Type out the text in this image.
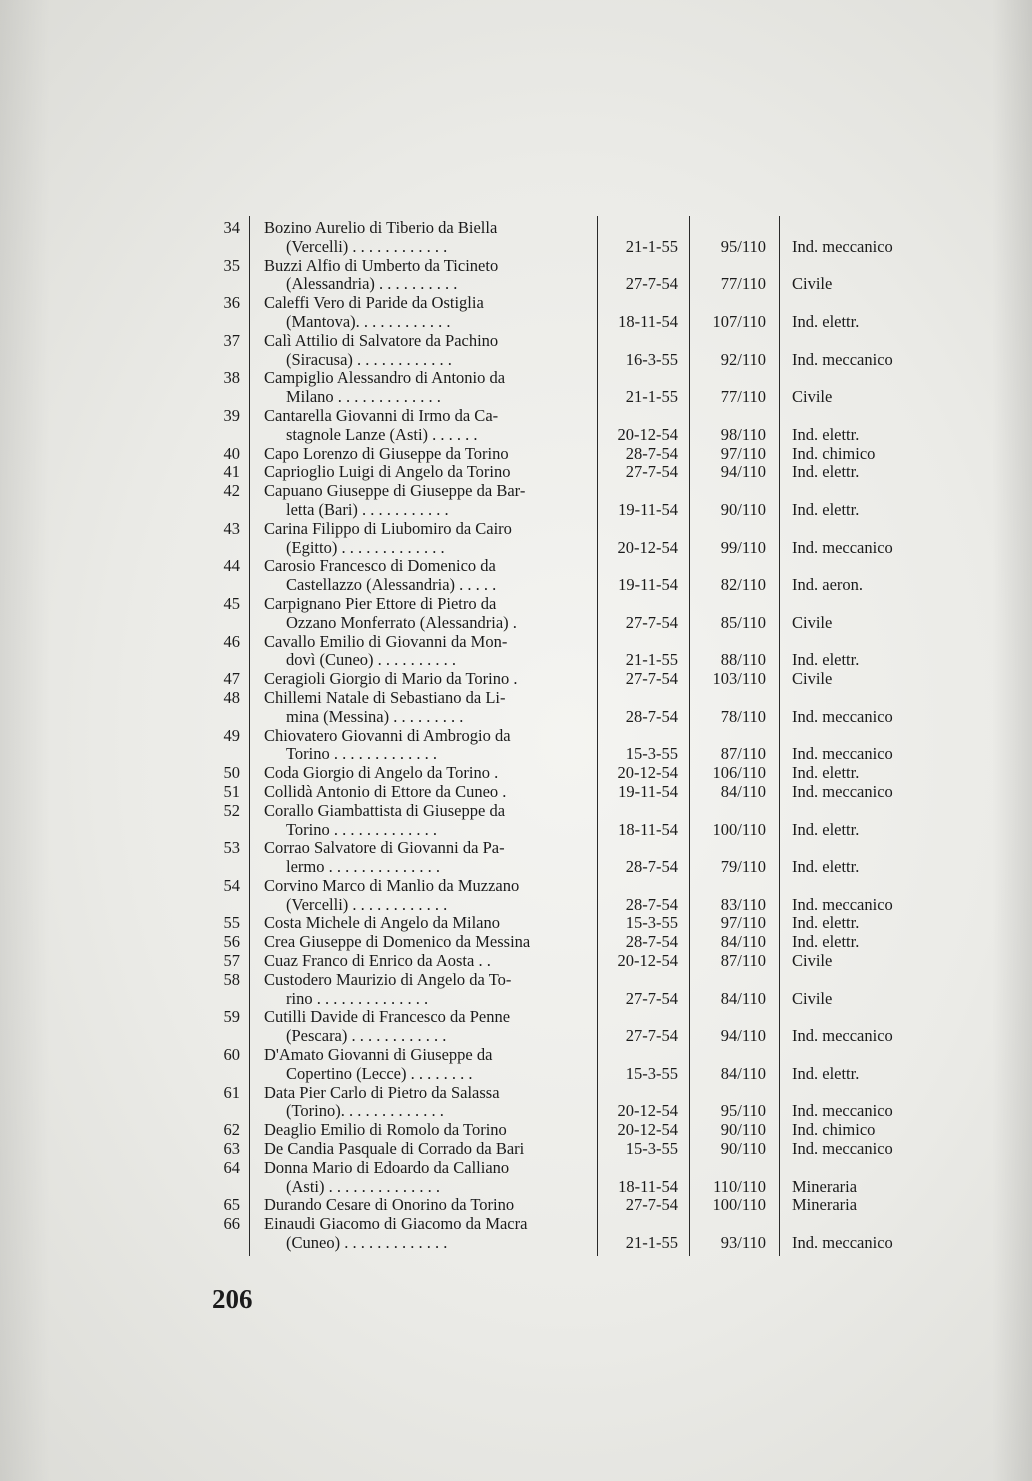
34 Bozino Aurelio di Tiberio da Biella
(Vercelli) . . . . . . . . . . . .	21-1-55	95/110 Ind. meccanico
35 Buzzi Alfio di Umberto da Ticineto
(Alessandria) . . . . . . . . . .	27-7-54	77/110 Civile
36 Caleffi Vero di Paride da Ostiglia
(Mantova). . . . . . . . . . . .	18-11-54	107/110 Ind. elettr.
37 Calì Attilio di Salvatore da Pachino
(Siracusa) . . . . . . . . . . . .	16-3-55	92/110 Ind. meccanico
38 Campiglio Alessandro di Antonio da
Milano . . . . . . . . . . . . .	21-1-55	77/110 Civile
39 Cantarella Giovanni di Irmo da Ca-
stagnole Lanze (Asti) . . . . . .	20-12-54	98/110 Ind. elettr.
40 Capo Lorenzo di Giuseppe da Torino	28-7-54	97/110 Ind. chimico
41 Caprioglio Luigi di Angelo da Torino	27-7-54	94/110 Ind. elettr.
42 Capuano Giuseppe di Giuseppe da Bar-
letta (Bari) . . . . . . . . . . .	19-11-54	90/110 Ind. elettr.
43 Carina Filippo di Liubomiro da Cairo
(Egitto) . . . . . . . . . . . . .	20-12-54	99/110 Ind. meccanico
44 Carosio Francesco di Domenico da
Castellazzo (Alessandria) . . . . .	19-11-54	82/110 Ind. aeron.
45 Carpignano Pier Ettore di Pietro da
Ozzano Monferrato (Alessandria) .	27-7-54	85/110 Civile
46 Cavallo Emilio di Giovanni da Mon-
dovì (Cuneo) . . . . . . . . . .	21-1-55	88/110 Ind. elettr.
47 Ceragioli Giorgio di Mario da Torino .	27-7-54	103/110 Civile
48 Chillemi Natale di Sebastiano da Li-
mina (Messina) . . . . . . . . .	28-7-54	78/110 Ind. meccanico
49 Chiovatero Giovanni di Ambrogio da
Torino . . . . . . . . . . . . .	15-3-55	87/110 Ind. meccanico
50 Coda Giorgio di Angelo da Torino .	20-12-54	106/110 Ind. elettr.
51 Collidà Antonio di Ettore da Cuneo .	19-11-54	84/110 Ind. meccanico
52 Corallo Giambattista di Giuseppe da
Torino . . . . . . . . . . . . .	18-11-54	100/110 Ind. elettr.
53 Corrao Salvatore di Giovanni da Pa-
lermo . . . . . . . . . . . . . .	28-7-54	79/110 Ind. elettr.
54 Corvino Marco di Manlio da Muzzano
(Vercelli) . . . . . . . . . . . .	28-7-54	83/110 Ind. meccanico
55 Costa Michele di Angelo da Milano	15-3-55	97/110 Ind. elettr.
56 Crea Giuseppe di Domenico da Messina	28-7-54	84/110 Ind. elettr.
57 Cuaz Franco di Enrico da Aosta . .	20-12-54	87/110 Civile
58 Custodero Maurizio di Angelo da To-
rino . . . . . . . . . . . . . .	27-7-54	84/110 Civile
59 Cutilli Davide di Francesco da Penne
(Pescara) . . . . . . . . . . . .	27-7-54	94/110 Ind. meccanico
60 D'Amato Giovanni di Giuseppe da
Copertino (Lecce) . . . . . . . .	15-3-55	84/110 Ind. elettr.
61 Data Pier Carlo di Pietro da Salassa
(Torino). . . . . . . . . . . . .	20-12-54	95/110 Ind. meccanico
62 Deaglio Emilio di Romolo da Torino	20-12-54	90/110 Ind. chimico
63 De Candia Pasquale di Corrado da Bari	15-3-55	90/110 Ind. meccanico
64 Donna Mario di Edoardo da Calliano
(Asti) . . . . . . . . . . . . . .	18-11-54	110/110 Mineraria
65 Durando Cesare di Onorino da Torino	27-7-54	100/110 Mineraria
66 Einaudi Giacomo di Giacomo da Macra
(Cuneo) . . . . . . . . . . . . .	21-1-55	93/110 Ind. meccanico
206
